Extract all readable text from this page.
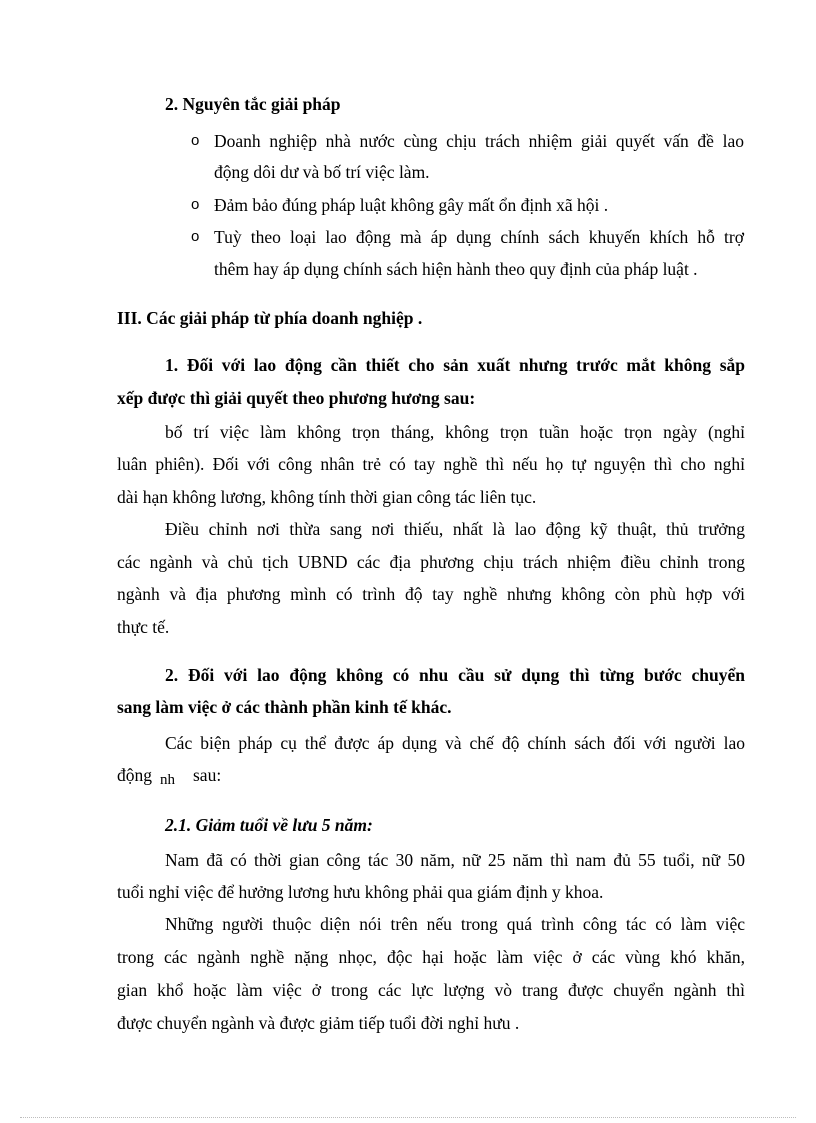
2. Nguyên tắc giải pháp
o Doanh nghiệp nhà nước cùng chịu trách nhiệm giải quyết vấn đề lao
động dôi dư và bố trí việc làm.
o Đảm bảo đúng pháp luật không gây mất ổn định xã hội .
o Tuỳ theo loại lao động mà áp dụng chính sách khuyến khích hỗ trợ
thêm hay áp dụng chính sách hiện hành theo quy định của pháp luật .
III. Các giải pháp từ phía doanh nghiệp .
1. Đối với lao động cần thiết cho sản xuất nhưng trước mắt không sắp
xếp được thì giải quyết theo phương hương sau:
bố trí việc làm không trọn tháng, không trọn tuần hoặc trọn ngày (nghỉ
luân phiên). Đối với công nhân trẻ có tay nghề thì nếu họ tự nguyện thì cho nghỉ
dài hạn không lương, không tính thời gian công tác liên tục.
Điều chỉnh nơi thừa sang nơi thiếu, nhất là lao động kỹ thuật, thủ trưởng
các ngành và chủ tịch UBND các địa phương chịu trách nhiệm điều chỉnh trong
ngành và địa phương mình có trình độ tay nghề nhưng không còn phù hợp với
thực tế.
2. Đối với lao động không có nhu cầu sử dụng thì từng bước chuyển
sang làm việc ở các thành phần kinh tế khác.
Các biện pháp cụ thể được áp dụng và chế độ chính sách đối với người lao
động nh sau:
2.1. Giảm tuổi về lưu 5 năm:
Nam đã có thời gian công tác 30 năm, nữ 25 năm thì nam đủ 55 tuổi, nữ 50
tuổi nghỉ việc để hưởng lương hưu không phải qua giám định y khoa.
Những người thuộc diện nói trên nếu trong quá trình công tác có làm việc
trong các ngành nghề nặng nhọc, độc hại hoặc làm việc ở các vùng khó khăn,
gian khổ hoặc làm việc ở trong các lực lượng vò trang được chuyển ngành thì
được chuyển ngành và được giảm tiếp tuổi đời nghỉ hưu .
